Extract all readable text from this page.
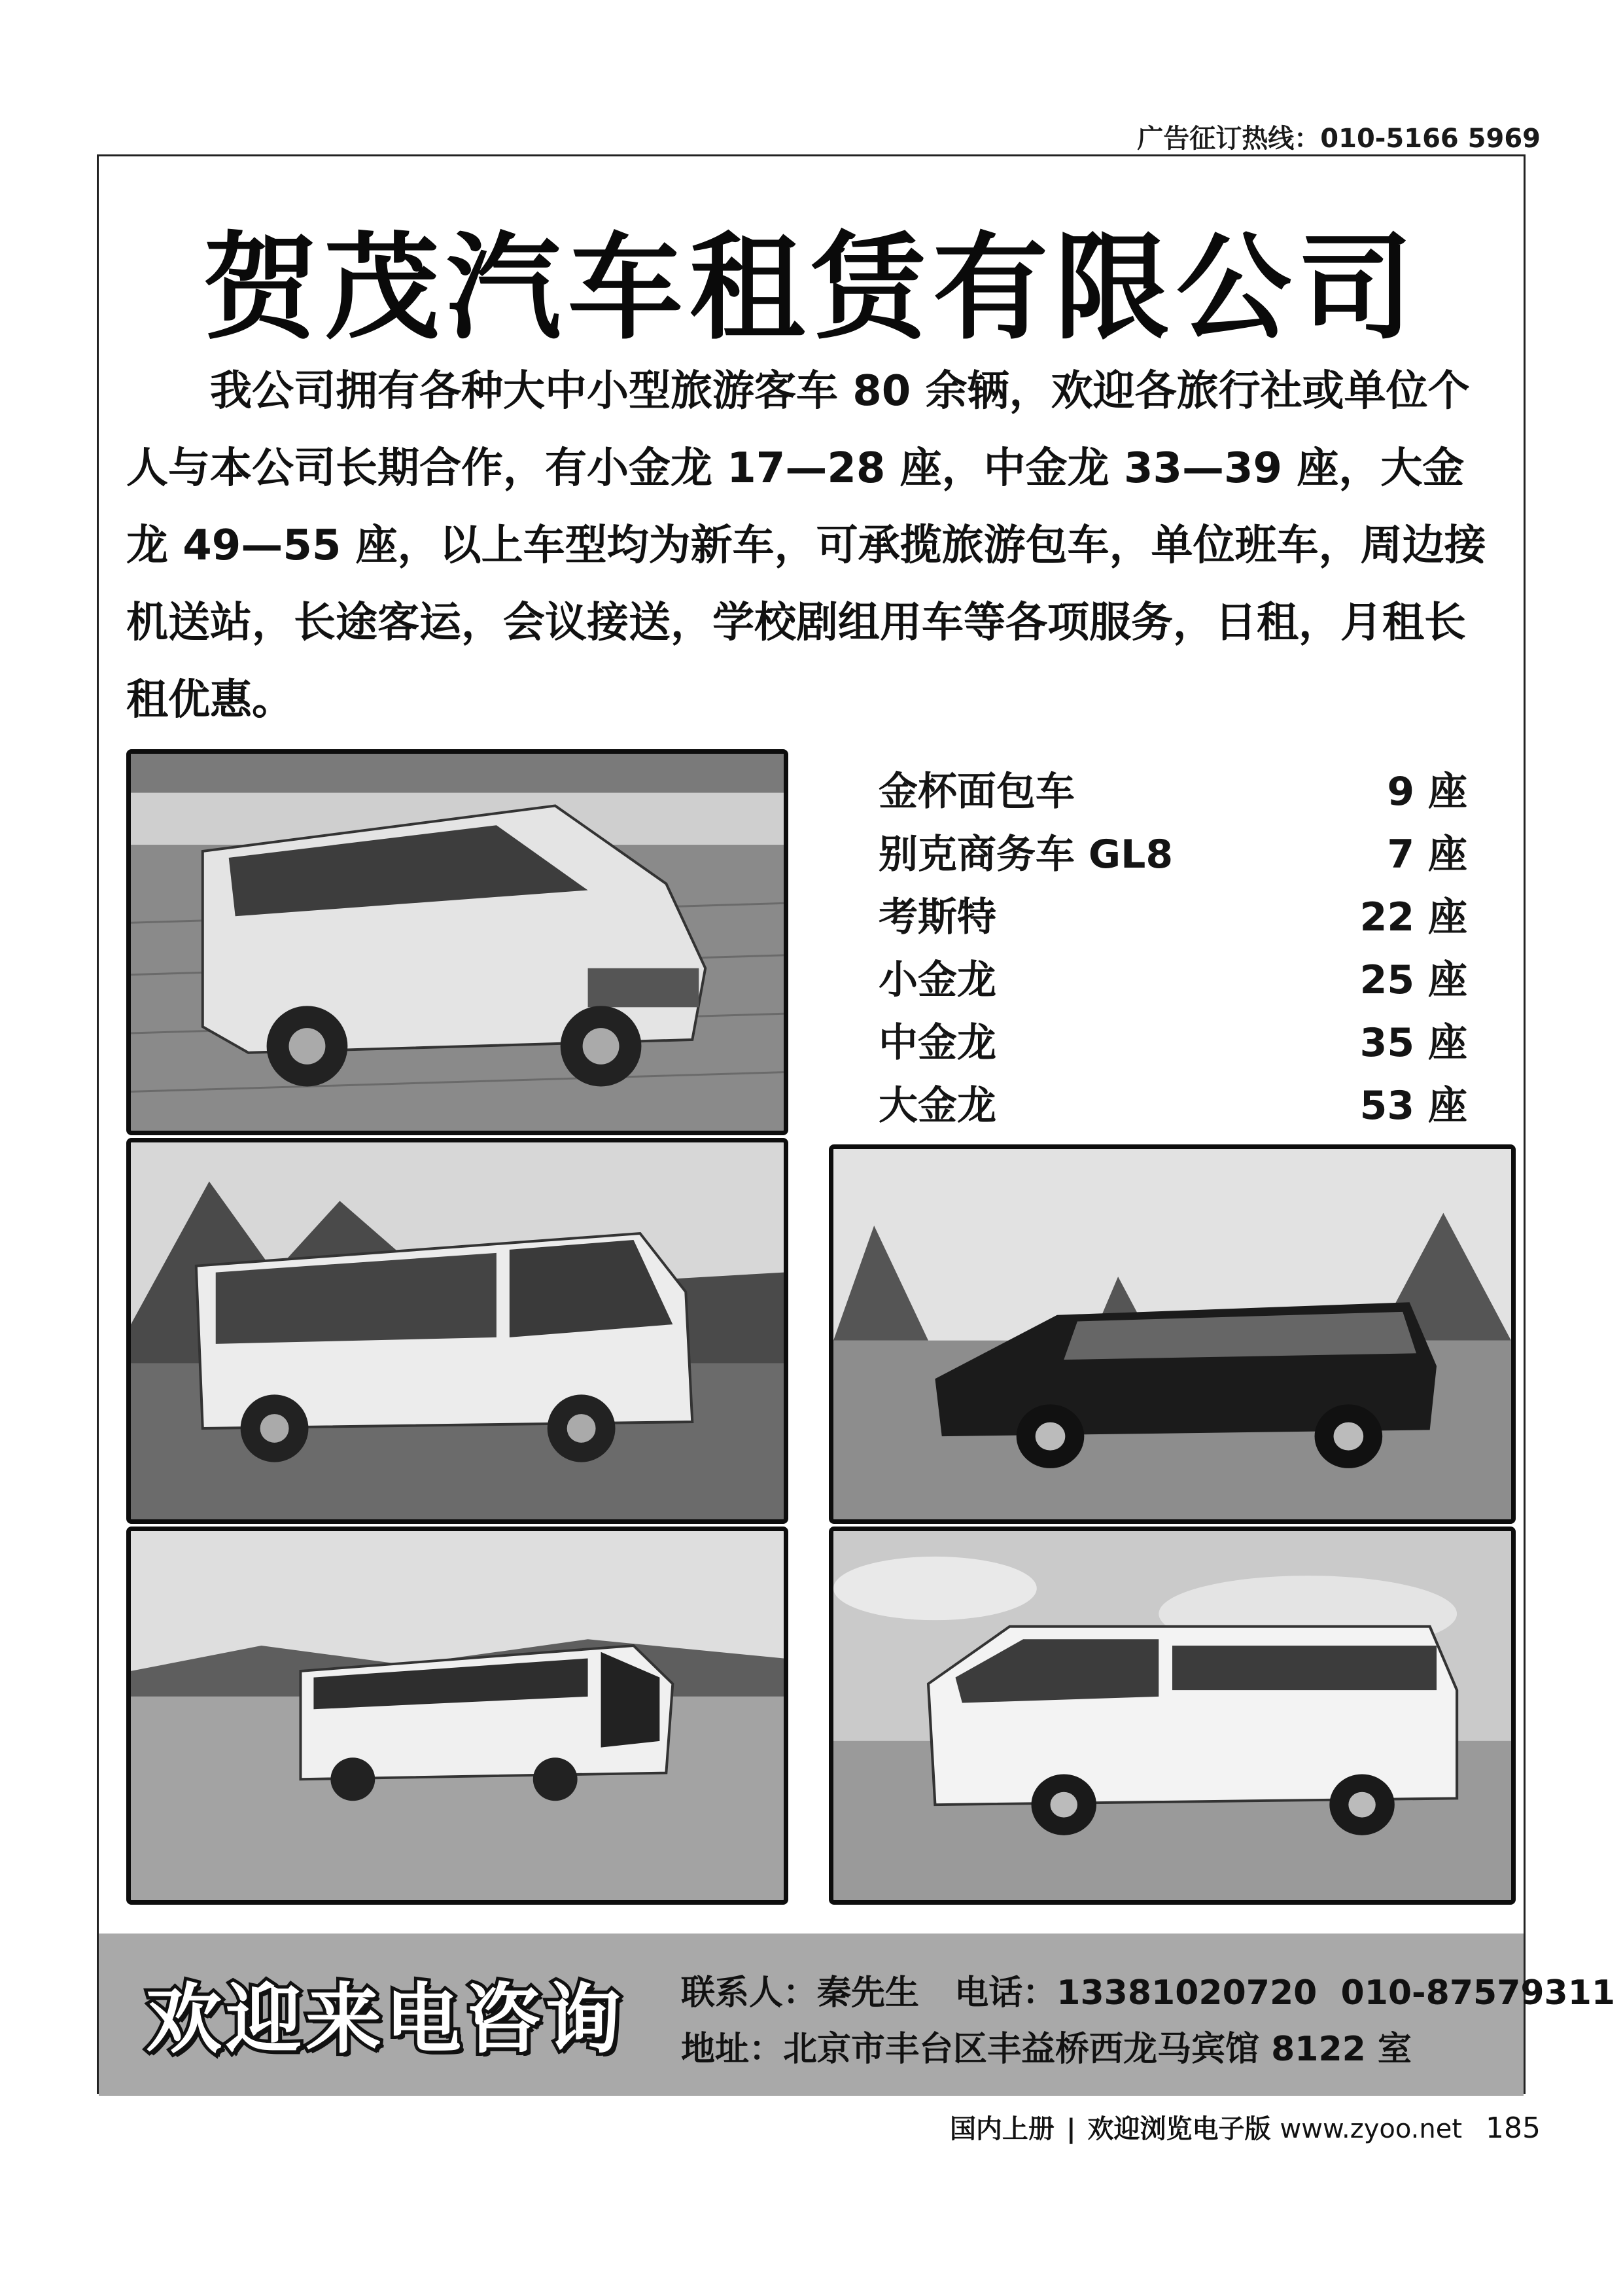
广告征订热线：010-5166 5969
贺茂汽车租赁有限公司
我公司拥有各种大中小型旅游客车 80 余辆，欢迎各旅行社或单位个人与本公司长期合作，有小金龙 17—28 座，中金龙 33—39 座，大金龙 49—55 座，以上车型均为新车，可承揽旅游包车，单位班车，周边接机送站，长途客运，会议接送，学校剧组用车等各项服务，日租，月租长租优惠。
金杯面包车	9 座
别克商务车 GL8	7 座
考斯特	22 座
小金龙	25 座
中金龙	35 座
大金龙	53 座
欢迎来电咨询 联系人：秦先生   电话：13381020720  010-87579311
地址：北京市丰台区丰益桥西龙马宾馆 8122 室
国内上册 | 欢迎浏览电子版 www.zyoo.net 185
